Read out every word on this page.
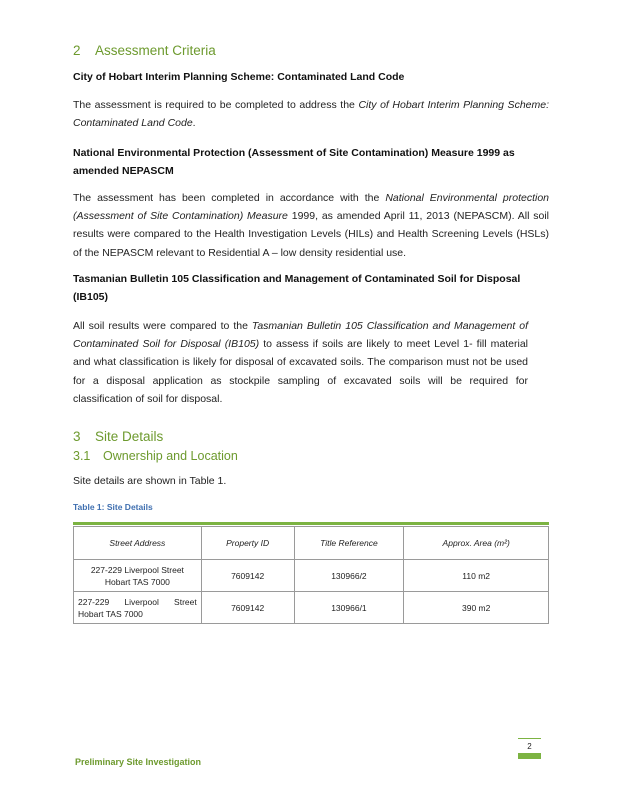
2 Assessment Criteria
City of Hobart Interim Planning Scheme: Contaminated Land Code
The assessment is required to be completed to address the City of Hobart Interim Planning Scheme: Contaminated Land Code.
National Environmental Protection (Assessment of Site Contamination) Measure 1999 as amended NEPASCM
The assessment has been completed in accordance with the National Environmental protection (Assessment of Site Contamination) Measure 1999, as amended April 11, 2013 (NEPASCM). All soil results were compared to the Health Investigation Levels (HILs) and Health Screening Levels (HSLs) of the NEPASCM relevant to Residential A – low density residential use.
Tasmanian Bulletin 105 Classification and Management of Contaminated Soil for Disposal (IB105)
All soil results were compared to the Tasmanian Bulletin 105 Classification and Management of Contaminated Soil for Disposal (IB105) to assess if soils are likely to meet Level 1- fill material and what classification is likely for disposal of excavated soils. The comparison must not be used for a disposal application as stockpile sampling of excavated soils will be required for classification of soil for disposal.
3 Site Details
3.1 Ownership and Location
Site details are shown in Table 1.
Table 1: Site Details
Street Address	Property ID	Title Reference	Approx. Area (m²)
227-229 Liverpool Street Hobart TAS 7000	7609142	130966/2	110 m2
227-229 Liverpool Street Hobart TAS 7000	7609142	130966/1	390 m2
2
Preliminary Site Investigation
